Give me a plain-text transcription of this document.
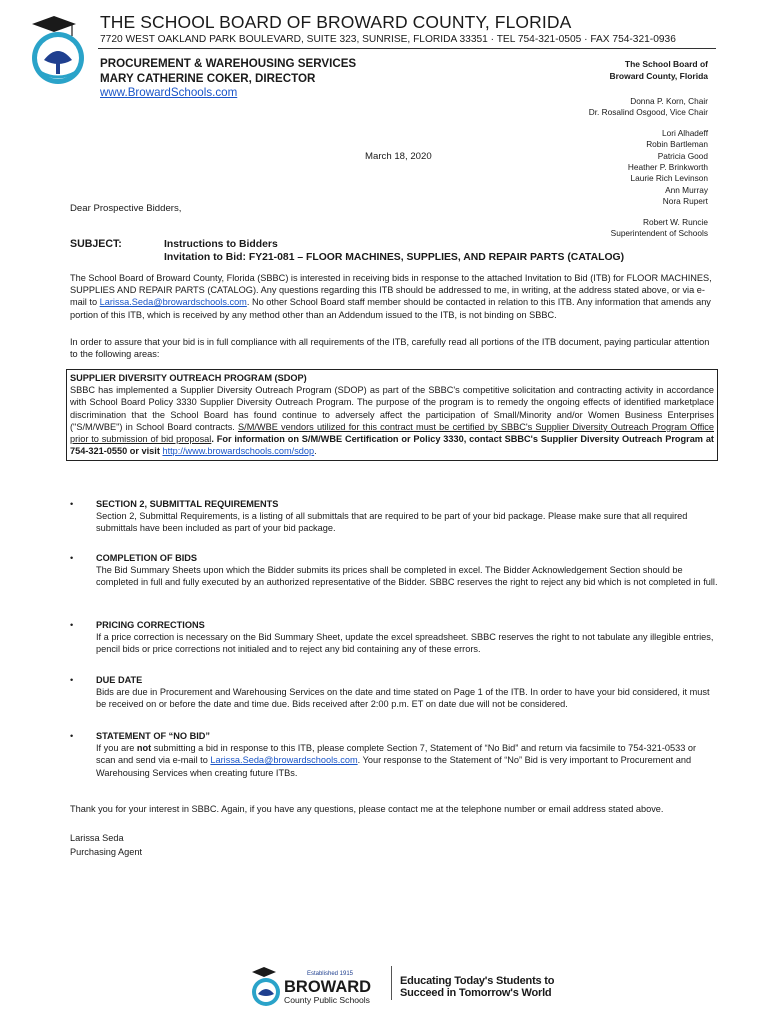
THE SCHOOL BOARD OF BROWARD COUNTY, FLORIDA
7720 WEST OAKLAND PARK BOULEVARD, SUITE 323, SUNRISE, FLORIDA 33351 · TEL 754-321-0505 · FAX 754-321-0936
PROCUREMENT & WAREHOUSING SERVICES
MARY CATHERINE COKER, DIRECTOR
www.BrowardSchools.com
The School Board of
Broward County, Florida
Donna P. Korn, Chair
Dr. Rosalind Osgood, Vice Chair
Lori Alhadeff
Robin Bartleman
Patricia Good
Heather P. Brinkworth
Laurie Rich Levinson
Ann Murray
Nora Rupert
Robert W. Runcie
Superintendent of Schools
March 18, 2020
Dear Prospective Bidders,
SUBJECT:	Instructions to Bidders
Invitation to Bid: FY21-081 – FLOOR MACHINES, SUPPLIES, AND REPAIR PARTS (CATALOG)
The School Board of Broward County, Florida (SBBC) is interested in receiving bids in response to the attached Invitation to Bid (ITB) for FLOOR MACHINES, SUPPLIES AND REPAIR PARTS (CATALOG). Any questions regarding this ITB should be addressed to me, in writing, at the address stated above, or via e-mail to Larissa.Seda@browardschools.com. No other School Board staff member should be contacted in relation to this ITB. Any information that amends any portion of this ITB, which is received by any method other than an Addendum issued to the ITB, is not binding on SBBC.
In order to assure that your bid is in full compliance with all requirements of the ITB, carefully read all portions of the ITB document, paying particular attention to the following areas:
SUPPLIER DIVERSITY OUTREACH PROGRAM (SDOP)
SBBC has implemented a Supplier Diversity Outreach Program (SDOP) as part of the SBBC's competitive solicitation and contracting activity in accordance with School Board Policy 3330 Supplier Diversity Outreach Program. The purpose of the program is to remedy the ongoing effects of identified marketplace discrimination that the School Board has found continue to adversely affect the participation of Small/Minority and/or Women Business Enterprises ("S/M/WBE") in School Board contracts. S/M/WBE vendors utilized for this contract must be certified by SBBC's Supplier Diversity Outreach Program Office prior to submission of bid proposal. For information on S/M/WBE Certification or Policy 3330, contact SBBC's Supplier Diversity Outreach Program at 754-321-0550 or visit http://www.browardschools.com/sdop.
• SECTION 2, SUBMITTAL REQUIREMENTS
Section 2, Submittal Requirements, is a listing of all submittals that are required to be part of your bid package. Please make sure that all required submittals have been included as part of your bid package.
• COMPLETION OF BIDS
The Bid Summary Sheets upon which the Bidder submits its prices shall be completed in excel. The Bidder Acknowledgement Section should be completed in full and fully executed by an authorized representative of the Bidder. SBBC reserves the right to reject any bid which is not completed in full.
• PRICING CORRECTIONS
If a price correction is necessary on the Bid Summary Sheet, update the excel spreadsheet. SBBC reserves the right to not tabulate any illegible entries, pencil bids or price corrections not initialed and to reject any bid containing any of these errors.
• DUE DATE
Bids are due in Procurement and Warehousing Services on the date and time stated on Page 1 of the ITB. In order to have your bid considered, it must be received on or before the date and time due. Bids received after 2:00 p.m. ET on date due will not be considered.
• STATEMENT OF “NO BID”
If you are not submitting a bid in response to this ITB, please complete Section 7, Statement of “No Bid” and return via facsimile to 754-321-0533 or scan and send via e-mail to Larissa.Seda@browardschools.com. Your response to the Statement of “No” Bid is very important to Procurement and Warehousing Services when creating future ITBs.
Thank you for your interest in SBBC. Again, if you have any questions, please contact me at the telephone number or email address stated above.
Larissa Seda
Purchasing Agent
Established 1915
BROWARD
County Public Schools
Educating Today's Students to
Succeed in Tomorrow's World
